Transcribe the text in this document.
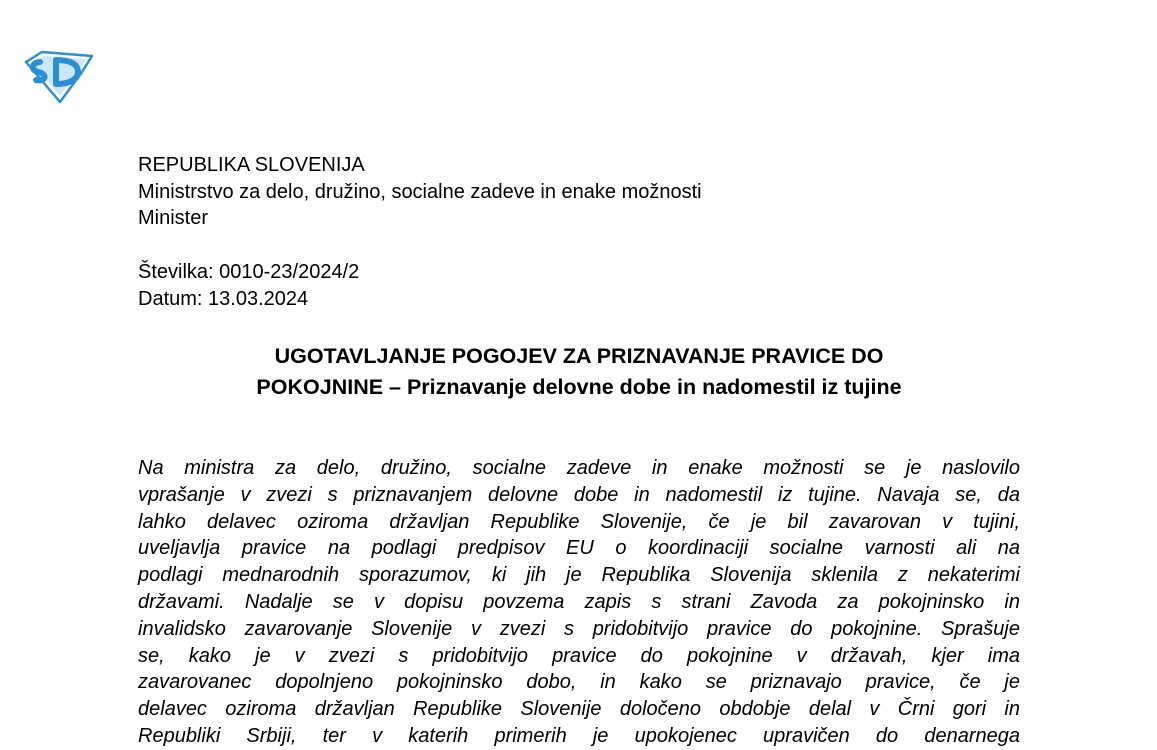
REPUBLIKA SLOVENIJA
Ministrstvo za delo, družino, socialne zadeve in enake možnosti
Minister
Številka: 0010-23/2024/2
Datum: 13.03.2024
UGOTAVLJANJE POGOJEV ZA PRIZNAVANJE PRAVICE DO
POKOJNINE – Priznavanje delovne dobe in nadomestil iz tujine
Na ministra za delo, družino, socialne zadeve in enake možnosti se je naslovilo
vprašanje v zvezi s priznavanjem delovne dobe in nadomestil iz tujine. Navaja se, da
lahko delavec oziroma državljan Republike Slovenije, če je bil zavarovan v tujini,
uveljavlja pravice na podlagi predpisov EU o koordinaciji socialne varnosti ali na
podlagi mednarodnih sporazumov, ki jih je Republika Slovenija sklenila z nekaterimi
državami. Nadalje se v dopisu povzema zapis s strani Zavoda za pokojninsko in
invalidsko zavarovanje Slovenije v zvezi s pridobitvijo pravice do pokojnine. Sprašuje
se, kako je v zvezi s pridobitvijo pravice do pokojnine v državah, kjer ima
zavarovanec dopolnjeno pokojninsko dobo, in kako se priznavajo pravice, če je
delavec oziroma državljan Republike Slovenije določeno obdobje delal v Črni gori in
Republiki Srbiji, ter v katerih primerih je upokojenec upravičen do denarnega
